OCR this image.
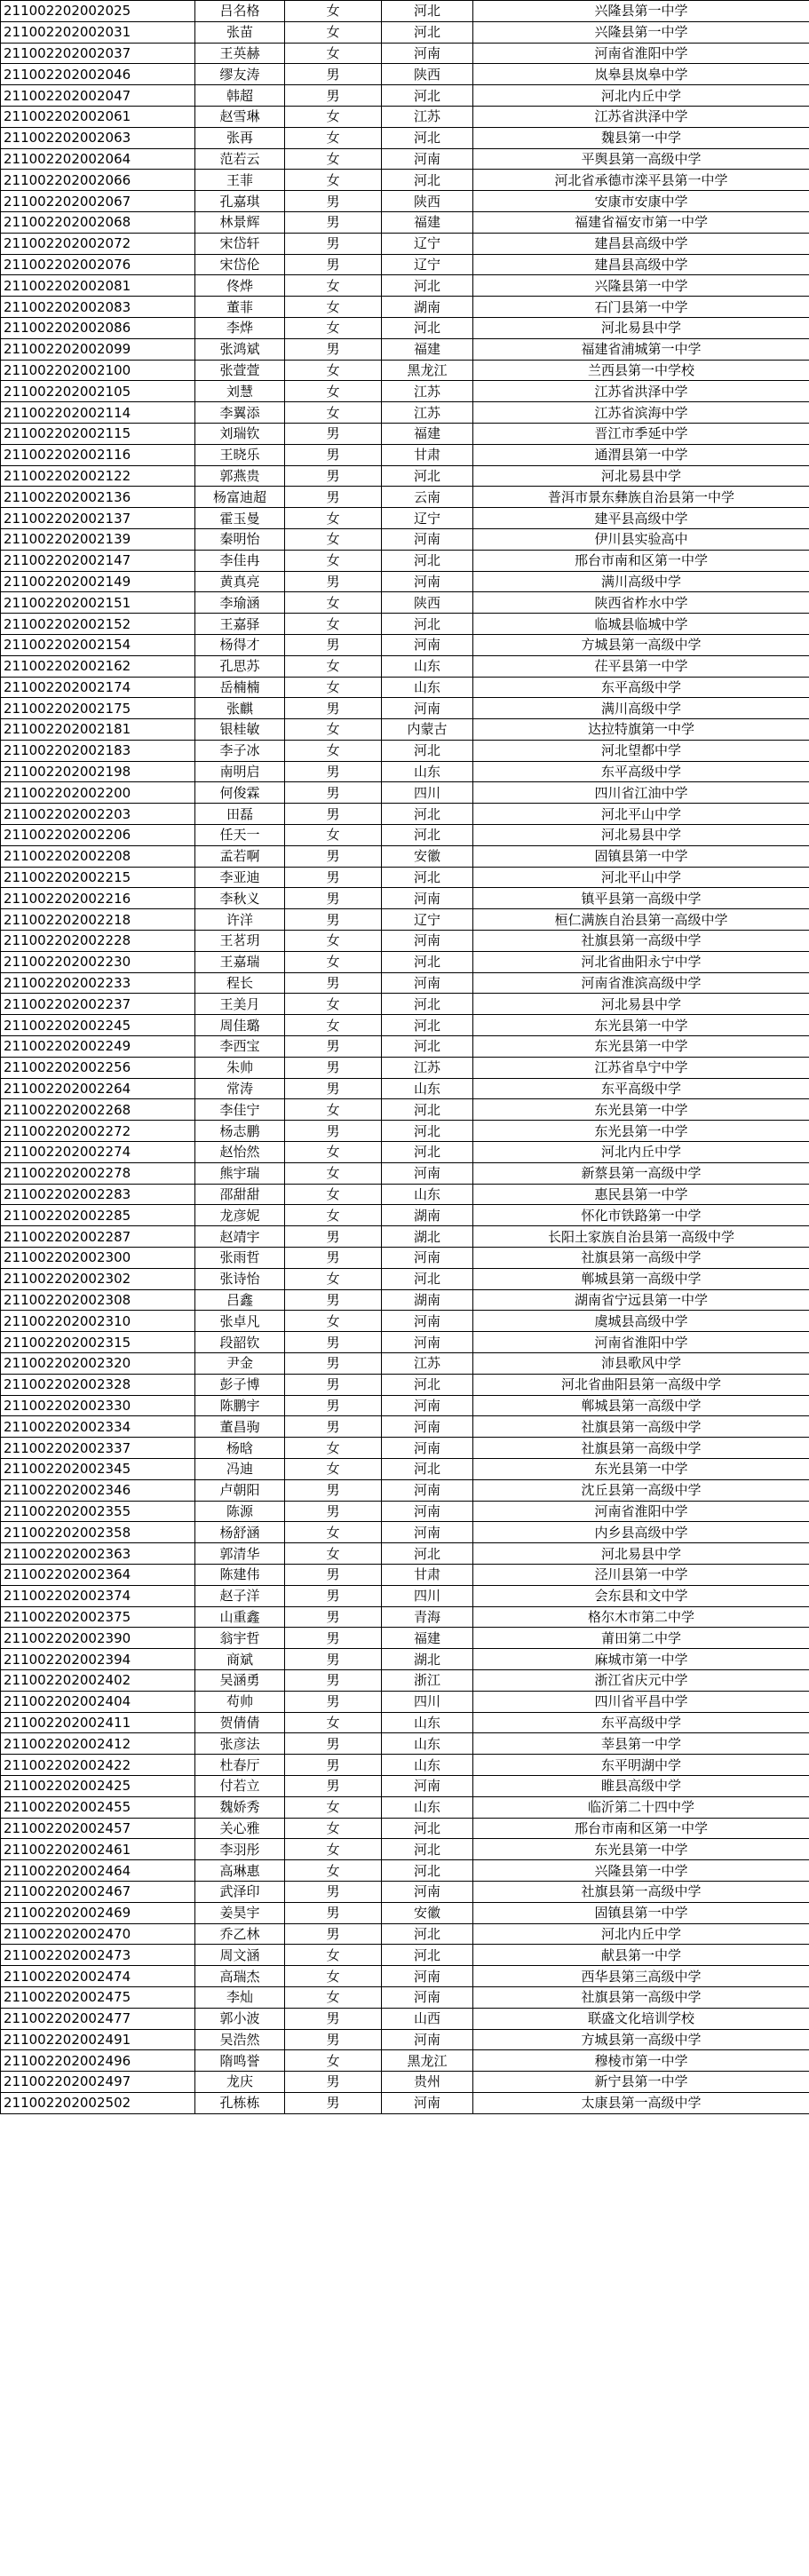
211002202002025	吕名格	女	河北	兴隆县第一中学
211002202002031	张苗	女	河北	兴隆县第一中学
211002202002037	王英赫	女	河南	河南省淮阳中学
211002202002046	缪友涛	男	陕西	岚皋县岚皋中学
211002202002047	韩超	男	河北	河北内丘中学
211002202002061	赵雪琳	女	江苏	江苏省洪泽中学
211002202002063	张再	女	河北	魏县第一中学
211002202002064	范若云	女	河南	平舆县第一高级中学
211002202002066	王菲	女	河北	河北省承德市滦平县第一中学
211002202002067	孔嘉琪	男	陕西	安康市安康中学
211002202002068	林景辉	男	福建	福建省福安市第一中学
211002202002072	宋岱轩	男	辽宁	建昌县高级中学
211002202002076	宋岱伦	男	辽宁	建昌县高级中学
211002202002081	佟烨	女	河北	兴隆县第一中学
211002202002083	董菲	女	湖南	石门县第一中学
211002202002086	李烨	女	河北	河北易县中学
211002202002099	张鸿斌	男	福建	福建省浦城第一中学
211002202002100	张萱萱	女	黑龙江	兰西县第一中学校
211002202002105	刘慧	女	江苏	江苏省洪泽中学
211002202002114	李翼添	女	江苏	江苏省滨海中学
211002202002115	刘瑞钦	男	福建	晋江市季延中学
211002202002116	王晓乐	男	甘肃	通渭县第一中学
211002202002122	郭燕贵	男	河北	河北易县中学
211002202002136	杨富迪超	男	云南	普洱市景东彝族自治县第一中学
211002202002137	霍玉曼	女	辽宁	建平县高级中学
211002202002139	秦明怡	女	河南	伊川县实验高中
211002202002147	李佳冉	女	河北	邢台市南和区第一中学
211002202002149	黄真亮	男	河南	满川高级中学
211002202002151	李瑜涵	女	陕西	陕西省柞水中学
211002202002152	王嘉驿	女	河北	临城县临城中学
211002202002154	杨得才	男	河南	方城县第一高级中学
211002202002162	孔思苏	女	山东	茌平县第一中学
211002202002174	岳楠楠	女	山东	东平高级中学
211002202002175	张麒	男	河南	满川高级中学
211002202002181	银桂敏	女	内蒙古	达拉特旗第一中学
211002202002183	李子冰	女	河北	河北望都中学
211002202002198	南明启	男	山东	东平高级中学
211002202002200	何俊霖	男	四川	四川省江油中学
211002202002203	田磊	男	河北	河北平山中学
211002202002206	任天一	女	河北	河北易县中学
211002202002208	孟若啊	男	安徽	固镇县第一中学
211002202002215	李亚迪	男	河北	河北平山中学
211002202002216	李秋义	男	河南	镇平县第一高级中学
211002202002218	许洋	男	辽宁	桓仁满族自治县第一高级中学
211002202002228	王茗玥	女	河南	社旗县第一高级中学
211002202002230	王嘉瑞	女	河北	河北省曲阳永宁中学
211002202002233	程长	男	河南	河南省淮滨高级中学
211002202002237	王美月	女	河北	河北易县中学
211002202002245	周佳璐	女	河北	东光县第一中学
211002202002249	李西宝	男	河北	东光县第一中学
211002202002256	朱帅	男	江苏	江苏省阜宁中学
211002202002264	常涛	男	山东	东平高级中学
211002202002268	李佳宁	女	河北	东光县第一中学
211002202002272	杨志鹏	男	河北	东光县第一中学
211002202002274	赵怡然	女	河北	河北内丘中学
211002202002278	熊宇瑞	女	河南	新蔡县第一高级中学
211002202002283	邵甜甜	女	山东	惠民县第一中学
211002202002285	龙彦妮	女	湖南	怀化市铁路第一中学
211002202002287	赵靖宇	男	湖北	长阳土家族自治县第一高级中学
211002202002300	张雨哲	男	河南	社旗县第一高级中学
211002202002302	张诗怡	女	河北	郸城县第一高级中学
211002202002308	吕鑫	男	湖南	湖南省宁远县第一中学
211002202002310	张卓凡	女	河南	虞城县高级中学
211002202002315	段韶钦	男	河南	河南省淮阳中学
211002202002320	尹金	男	江苏	沛县歌风中学
211002202002328	彭子博	男	河北	河北省曲阳县第一高级中学
211002202002330	陈鹏宇	男	河南	郸城县第一高级中学
211002202002334	董昌驹	男	河南	社旗县第一高级中学
211002202002337	杨晗	女	河南	社旗县第一高级中学
211002202002345	冯迪	女	河北	东光县第一中学
211002202002346	卢朝阳	男	河南	沈丘县第一高级中学
211002202002355	陈源	男	河南	河南省淮阳中学
211002202002358	杨舒涵	女	河南	内乡县高级中学
211002202002363	郭清华	女	河北	河北易县中学
211002202002364	陈建伟	男	甘肃	泾川县第一中学
211002202002374	赵子洋	男	四川	会东县和文中学
211002202002375	山重鑫	男	青海	格尔木市第二中学
211002202002390	翁宇哲	男	福建	莆田第二中学
211002202002394	商斌	男	湖北	麻城市第一中学
211002202002402	吴涵勇	男	浙江	浙江省庆元中学
211002202002404	苟帅	男	四川	四川省平昌中学
211002202002411	贺倩倩	女	山东	东平高级中学
211002202002412	张彦法	男	山东	莘县第一中学
211002202002422	杜春厅	男	山东	东平明湖中学
211002202002425	付若立	男	河南	睢县高级中学
211002202002455	魏娇秀	女	山东	临沂第二十四中学
211002202002457	关心雅	女	河北	邢台市南和区第一中学
211002202002461	李羽彤	女	河北	东光县第一中学
211002202002464	高琳惠	女	河北	兴隆县第一中学
211002202002467	武泽印	男	河南	社旗县第一高级中学
211002202002469	姜昊宇	男	安徽	固镇县第一中学
211002202002470	乔乙林	男	河北	河北内丘中学
211002202002473	周文涵	女	河北	献县第一中学
211002202002474	高瑞杰	女	河南	西华县第三高级中学
211002202002475	李灿	女	河南	社旗县第一高级中学
211002202002477	郭小波	男	山西	联盛文化培训学校
211002202002491	吴浩然	男	河南	方城县第一高级中学
211002202002496	隋鸣誉	女	黑龙江	穆棱市第一中学
211002202002497	龙庆	男	贵州	新宁县第一中学
211002202002502	孔栋栋	男	河南	太康县第一高级中学
